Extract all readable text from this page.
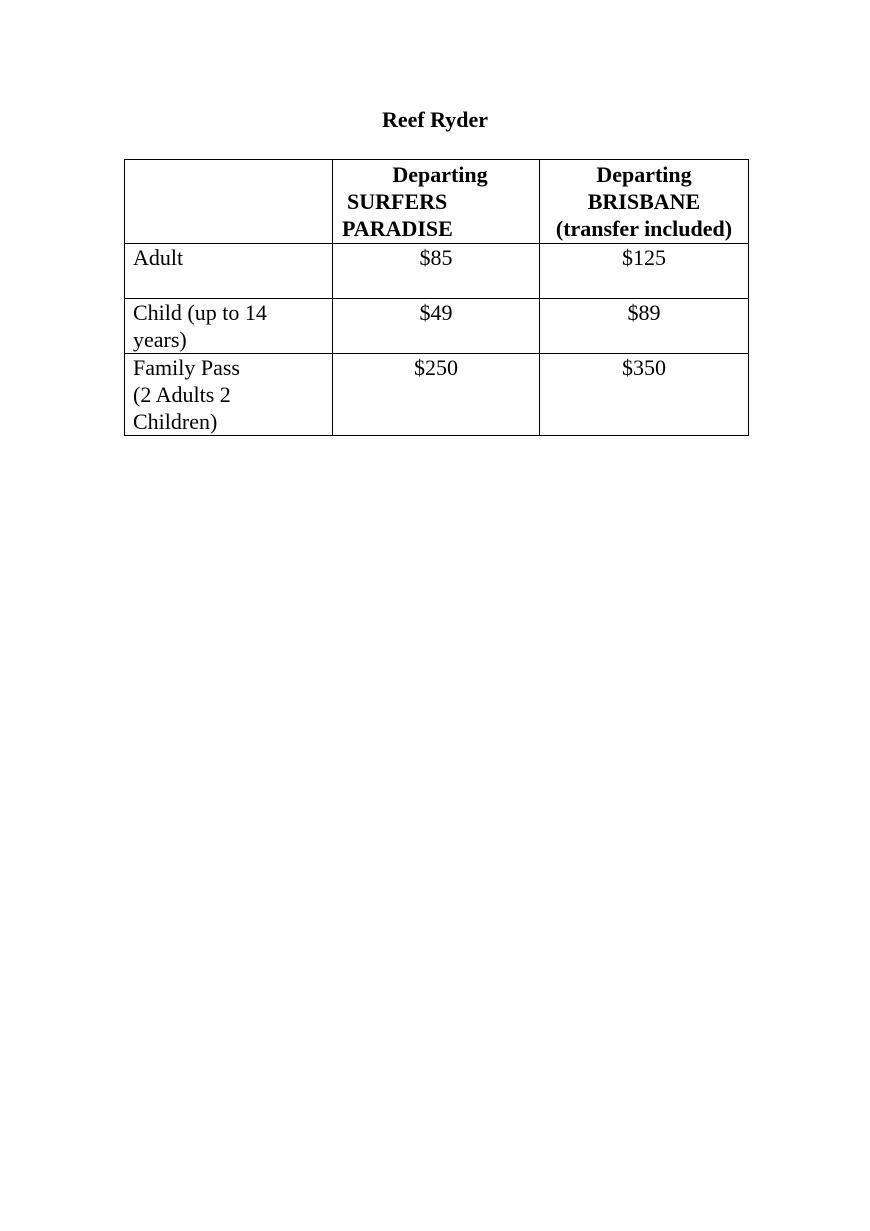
Reef Ryder

	Departing
SURFERS
PARADISE	Departing
BRISBANE
(transfer included)

Adult	$85	$125

Child (up to 14
years)	$49	$89

Family Pass
(2 Adults 2
Children)	$250	$350
